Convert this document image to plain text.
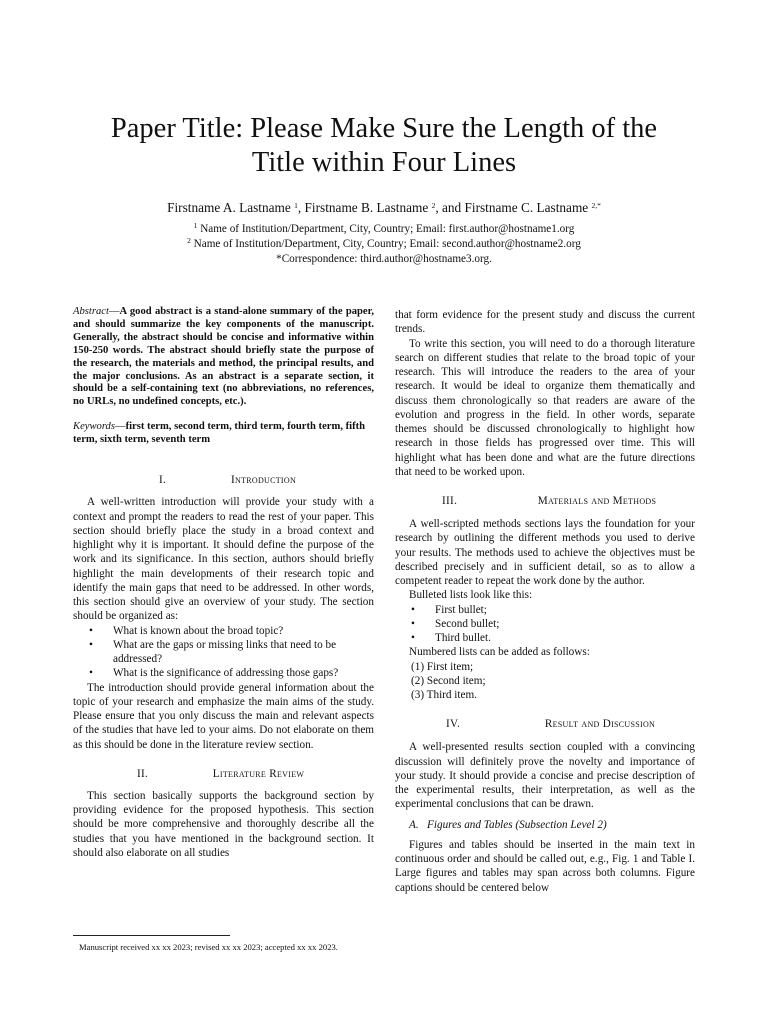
Paper Title: Please Make Sure the Length of the
Title within Four Lines
Firstname A. Lastname $^1$, Firstname B. Lastname $^2$, and Firstname C. Lastname $^{2,*}$
$^1$ Name of Institution/Department, City, Country; Email: first.author@hostname1.org
$^2$ Name of Institution/Department, City, Country; Email: second.author@hostname2.org
*Correspondence: third.author@hostname3.org.

Abstract—A good abstract is a stand-alone summary of the paper, and should summarize the key components of the manuscript. Generally, the abstract should be concise and informative within 150-250 words. The abstract should briefly state the purpose of the research, the materials and method, the principal results, and the major conclusions. As an abstract is a separate section, it should be a self-containing text (no abbreviations, no references, no URLs, no undefined concepts, etc.).

Keywords—first term, second term, third term, fourth term, fifth term, sixth term, seventh term
I.	Introduction

A well-written introduction will provide your study with a context and prompt the readers to read the rest of your paper. This section should briefly place the study in a broad context and highlight why it is important. It should define the purpose of the work and its significance. In this section, authors should briefly highlight the main developments of their research topic and identify the main gaps that need to be addressed. In other words, this section should give an overview of your study. The section should be organized as:

• What is known about the broad topic?
• What are the gaps or missing links that need to be addressed?
• What is the significance of addressing those gaps?

The introduction should provide general information about the topic of your research and emphasize the main aims of the study. Please ensure that you only discuss the main and relevant aspects of the studies that have led to your aims. Do not elaborate on them as this should be done in the literature review section.

II.	Literature Review

This section basically supports the background section by providing evidence for the proposed hypothesis. This section should be more comprehensive and thoroughly describe all the studies that you have mentioned in the background section. It should also elaborate on all studies

that form evidence for the present study and discuss the current trends.

To write this section, you will need to do a thorough literature search on different studies that relate to the broad topic of your research. This will introduce the readers to the area of your research. It would be ideal to organize them thematically and discuss them chronologically so that readers are aware of the evolution and progress in the field. In other words, separate themes should be discussed chronologically to highlight how research in those fields has progressed over time. This will highlight what has been done and what are the future directions that need to be worked upon.

III.	Materials and Methods

A well-scripted methods sections lays the foundation for your research by outlining the different methods you used to derive your results. The methods used to achieve the objectives must be described precisely and in sufficient detail, so as to allow a competent reader to repeat the work done by the author.

Bulleted lists look like this:

• First bullet;
• Second bullet;
• Third bullet.

Numbered lists can be added as follows:

(1) First item;
(2) Second item;
(3) Third item.
IV.	Result and Discussion

A well-presented results section coupled with a convincing discussion will definitely prove the novelty and importance of your study. It should provide a concise and precise description of the experimental results, their interpretation, as well as the experimental conclusions that can be drawn.

A. Figures and Tables (Subsection Level 2)

Figures and tables should be inserted in the main text in continuous order and should be called out, e.g., Fig. 1 and Table I. Large figures and tables may span across both columns. Figure captions should be centered below

Manuscript received xx xx 2023; revised xx xx 2023; accepted xx xx 2023.
